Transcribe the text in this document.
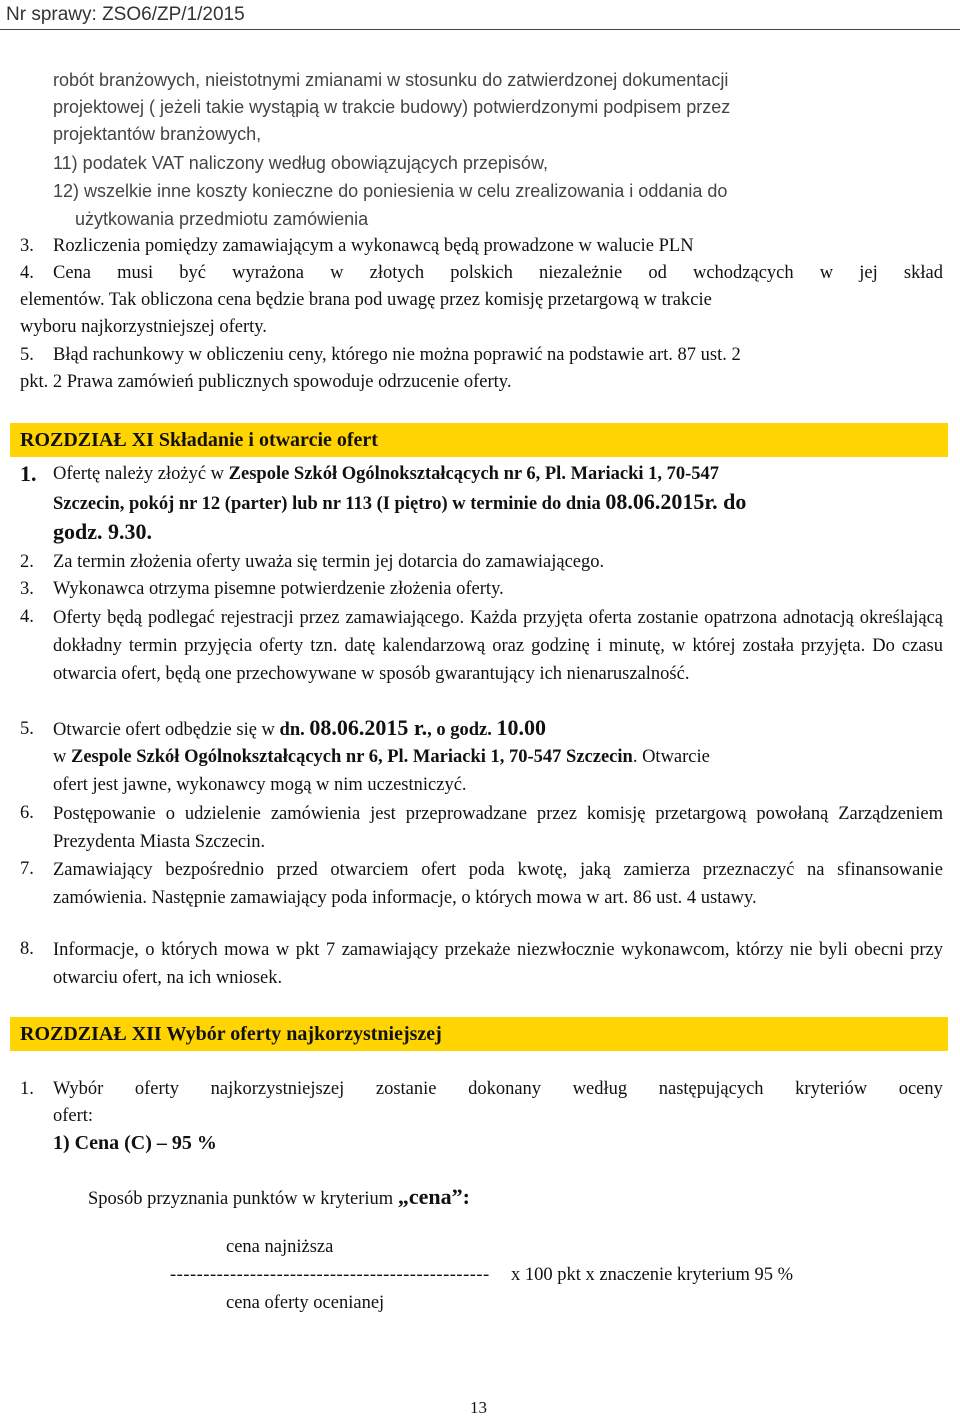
Nr sprawy: ZSO6/ZP/1/2015
robót branżowych, nieistotnymi zmianami w stosunku do zatwierdzonej dokumentacji
projektowej ( jeżeli takie wystąpią w trakcie budowy) potwierdzonymi podpisem przez
projektantów branżowych,
11) podatek VAT naliczony według obowiązujących przepisów,
12) wszelkie inne koszty konieczne do poniesienia w celu zrealizowania i oddania do
użytkowania przedmiotu zamówienia
3. Rozliczenia pomiędzy zamawiającym a wykonawcą będą prowadzone w walucie PLN
4. Cena musi być wyrażona w złotych polskich niezależnie od wchodzących w jej skład
elementów. Tak obliczona cena będzie brana pod uwagę przez komisję przetargową w trakcie
wyboru najkorzystniejszej oferty.
5. Błąd rachunkowy w obliczeniu ceny, którego nie można poprawić na podstawie art. 87 ust. 2
pkt. 2 Prawa zamówień publicznych spowoduje odrzucenie oferty.
ROZDZIAŁ XI Składanie i otwarcie ofert
1. Ofertę należy złożyć w Zespole Szkół Ogólnokształcących nr 6, Pl. Mariacki 1, 70-547
Szczecin, pokój nr 12 (parter) lub nr 113 (I piętro) w terminie do dnia 08.06.2015r. do
godz. 9.30.
2. Za termin złożenia oferty uważa się termin jej dotarcia do zamawiającego.
3. Wykonawca otrzyma pisemne potwierdzenie złożenia oferty.
4. Oferty będą podlegać rejestracji przez zamawiającego. Każda przyjęta oferta zostanie opatrzona adnotacją określającą dokładny termin przyjęcia oferty tzn. datę kalendarzową oraz godzinę i minutę, w której została przyjęta. Do czasu otwarcia ofert, będą one przechowywane w sposób gwarantujący ich nienaruszalność.
5. Otwarcie ofert odbędzie się w dn. 08.06.2015 r., o godz. 10.00
w Zespole Szkół Ogólnokształcących nr 6, Pl. Mariacki 1, 70-547 Szczecin. Otwarcie
ofert jest jawne, wykonawcy mogą w nim uczestniczyć.
6. Postępowanie o udzielenie zamówienia jest przeprowadzane przez komisję przetargową powołaną Zarządzeniem Prezydenta Miasta Szczecin.
7. Zamawiający bezpośrednio przed otwarciem ofert poda kwotę, jaką zamierza przeznaczyć na sfinansowanie zamówienia. Następnie zamawiający poda informacje, o których mowa w art. 86 ust. 4 ustawy.
8. Informacje, o których mowa w pkt 7 zamawiający przekaże niezwłocznie wykonawcom, którzy nie byli obecni przy otwarciu ofert, na ich wniosek.
ROZDZIAŁ XII Wybór oferty najkorzystniejszej
1. Wybór oferty najkorzystniejszej zostanie dokonany według następujących kryteriów oceny
ofert:
1) Cena (C) – 95 %
Sposób przyznania punktów w kryterium „cena”:
cena najniższa
------------------------------------------------ x 100 pkt x znaczenie kryterium 95 %
cena oferty ocenianej
13
